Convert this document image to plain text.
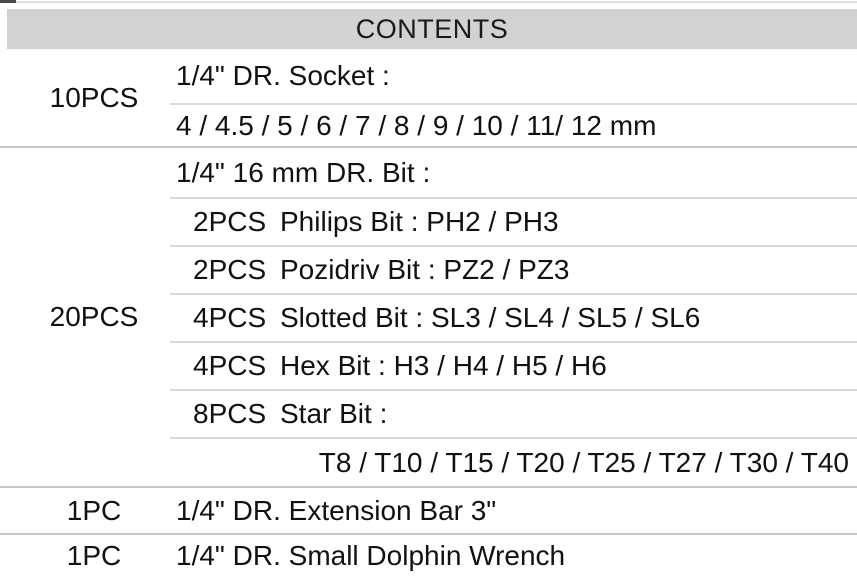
CONTENTS
10PCS
1/4" DR. Socket :
4 / 4.5 / 5 / 6 / 7 / 8 / 9 / 10 / 11/ 12 mm
20PCS
1/4" 16 mm DR. Bit :
2PCS Philips Bit : PH2 / PH3
2PCS Pozidriv Bit : PZ2 / PZ3
4PCS Slotted Bit : SL3 / SL4 / SL5 / SL6
4PCS Hex Bit : H3 / H4 / H5 / H6
8PCS Star Bit :
T8 / T10 / T15 / T20 / T25 / T27 / T30 / T40
1PC 1/4" DR. Extension Bar 3"
1PC 1/4" DR. Small Dolphin Wrench
